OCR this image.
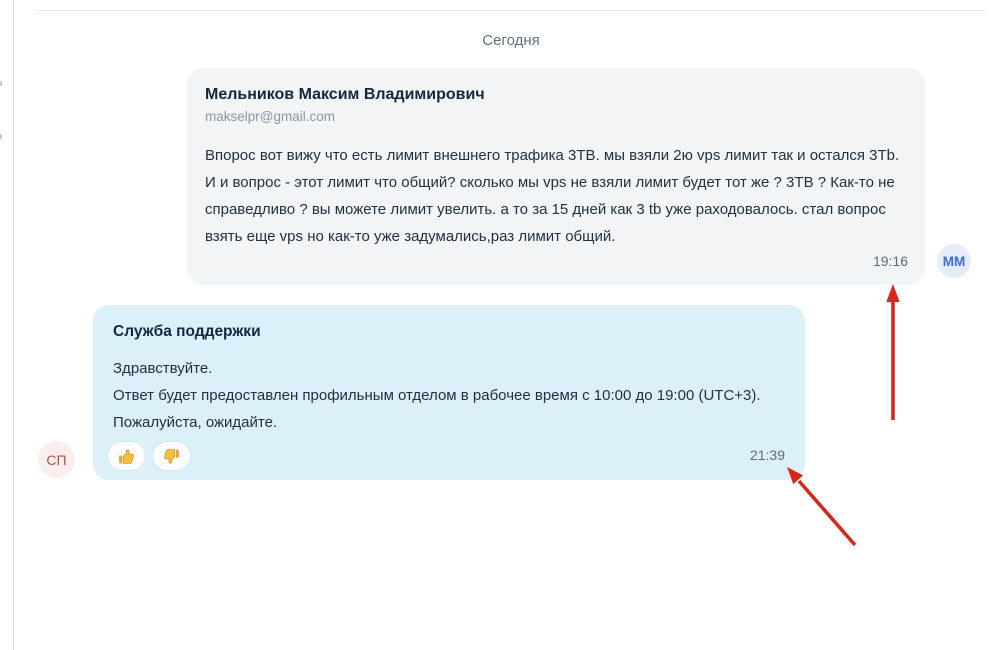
Сегодня
Мельников Максим Владимирович
makselpr@gmail.com

Впорос вот вижу что есть лимит внешнего трафика 3ТВ. мы взяли 2ю vps лимит так и остался 3Тb. И и вопрос - этот лимит что общий? сколько мы vps не взяли лимит будет тот же ? 3ТВ ? Как-то не справедливо ? вы можете лимит увелить. а то за 15 дней как 3 tb уже раходовалось. стал вопрос взять еще vps но как-то уже задумались,раз лимит общий.

19:16	ММ
Служба поддержки
Здравствуйте.
Ответ будет предоставлен профильным отделом в рабочее время с 10:00 до 19:00 (UTC+3).
Пожалуйста, ожидайте.
21:39
СП
